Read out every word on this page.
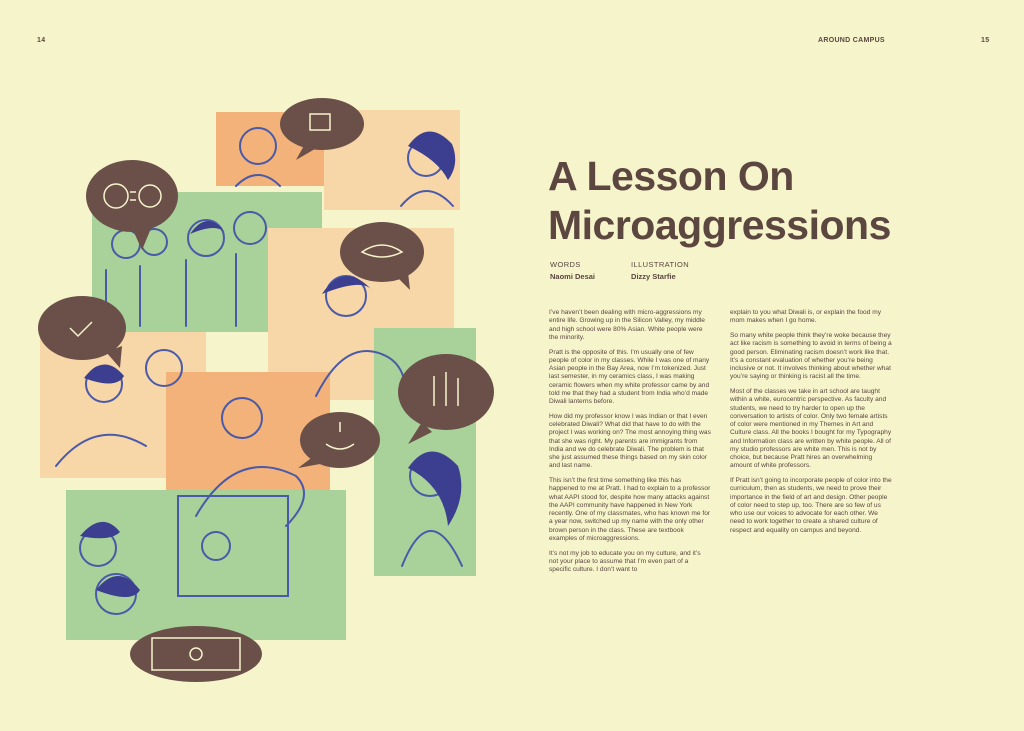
14	AROUND CAMPUS	15
A Lesson On
Microaggressions
WORDS
Naomi Desai
ILLUSTRATION
Dizzy Starfie

I’ve haven’t been dealing with micro-aggressions my entire life. Growing up in the Silicon Valley, my middle and high school were 80% Asian. White people were the minority.

Pratt is the opposite of this. I’m usually one of few people of color in my classes. While I was one of many Asian people in the Bay Area, now I’m tokenized. Just last semester, in my ceramics class, I was making ceramic flowers when my white professor came by and told me that they had a student from India who’d made Diwali lanterns before.

How did my professor know I was Indian or that I even celebrated Diwali? What did that have to do with the project I was working on? The most annoying thing was that she was right. My parents are immigrants from India and we do celebrate Diwali. The problem is that she just assumed these things based on my skin color and last name.

This isn’t the first time something like this has happened to me at Pratt. I had to explain to a professor what AAPI stood for, despite how many attacks against the AAPI community have happened in New York recently. One of my classmates, who has known me for a year now, switched up my name with the only other brown person in the class. These are textbook examples of microaggressions.

It’s not my job to educate you on my culture, and it’s not your place to assume that I’m even part of a specific culture. I don’t want to

explain to you what Diwali is, or explain the food my mom makes when I go home.

So many white people think they’re woke because they act like racism is something to avoid in terms of being a good person. Eliminating racism doesn’t work like that. It’s a constant evaluation of whether you’re being inclusive or not. It involves thinking about whether what you’re saying or thinking is racist all the time.

Most of the classes we take in art school are taught within a white, eurocentric perspective. As faculty and students, we need to try harder to open up the conversation to artists of color. Only two female artists of color were mentioned in my Themes in Art and Culture class. All the books I bought for my Typography and Information class are written by white people. All of my studio professors are white men. This is not by choice, but because Pratt hires an overwhelming amount of white professors.

If Pratt isn’t going to incorporate people of color into the curriculum, then as students, we need to prove their importance in the field of art and design. Other people of color need to step up, too. There are so few of us who use our voices to advocate for each other. We need to work together to create a shared culture of respect and equality on campus and beyond.
